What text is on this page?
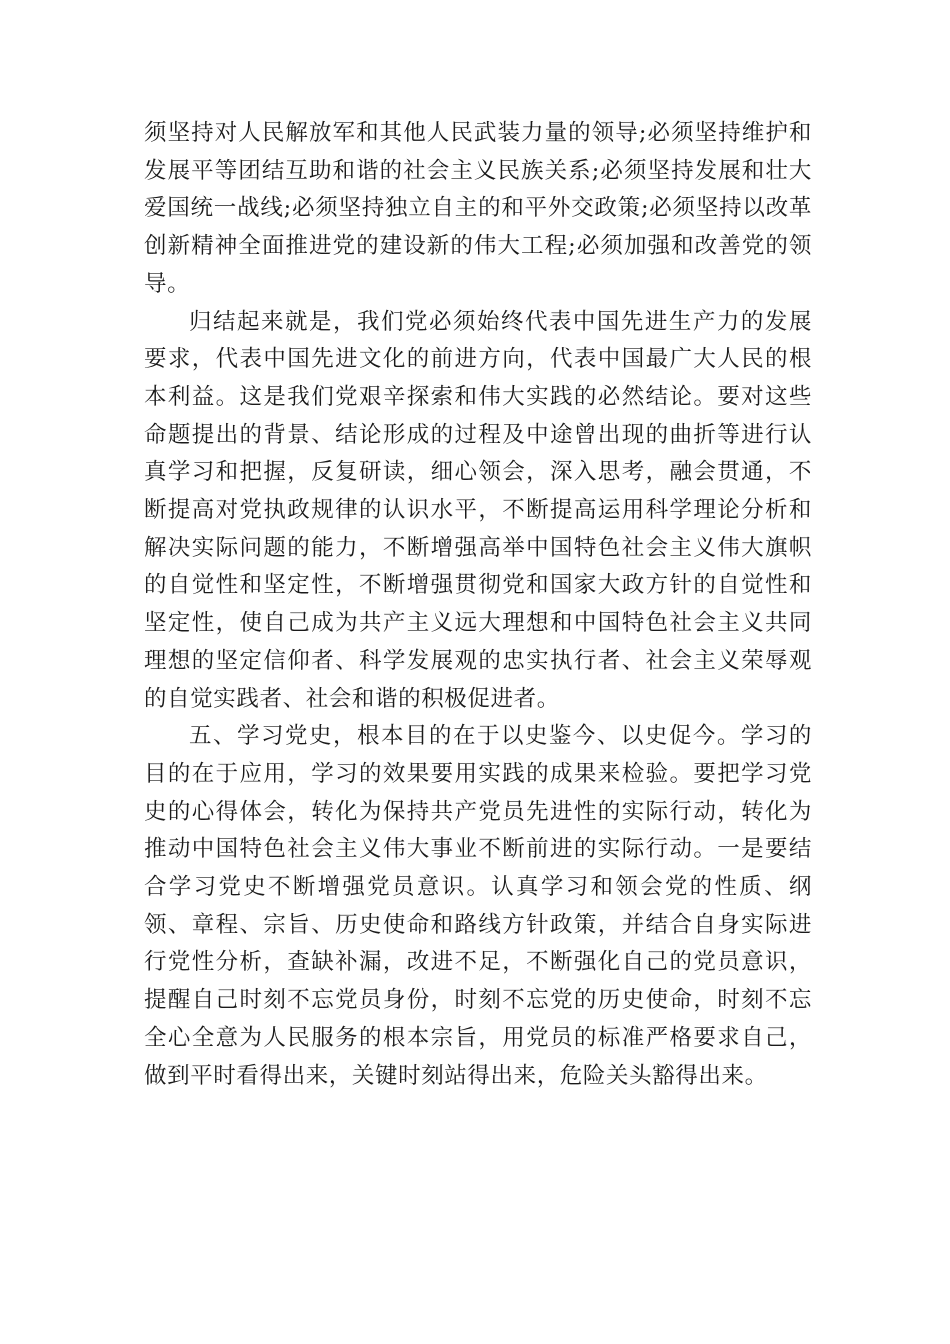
须坚持对人民解放军和其他人民武装力量的领导;必须坚持维护和发展平等团结互助和谐的社会主义民族关系;必须坚持发展和壮大爱国统一战线;必须坚持独立自主的和平外交政策;必须坚持以改革创新精神全面推进党的建设新的伟大工程;必须加强和改善党的领导。

归结起来就是，我们党必须始终代表中国先进生产力的发展要求，代表中国先进文化的前进方向，代表中国最广大人民的根本利益。这是我们党艰辛探索和伟大实践的必然结论。要对这些命题提出的背景、结论形成的过程及中途曾出现的曲折等进行认真学习和把握，反复研读，细心领会，深入思考，融会贯通，不断提高对党执政规律的认识水平，不断提高运用科学理论分析和解决实际问题的能力，不断增强高举中国特色社会主义伟大旗帜的自觉性和坚定性，不断增强贯彻党和国家大政方针的自觉性和坚定性，使自己成为共产主义远大理想和中国特色社会主义共同理想的坚定信仰者、科学发展观的忠实执行者、社会主义荣辱观的自觉实践者、社会和谐的积极促进者。

五、学习党史，根本目的在于以史鉴今、以史促今。学习的目的在于应用，学习的效果要用实践的成果来检验。要把学习党史的心得体会，转化为保持共产党员先进性的实际行动，转化为推动中国特色社会主义伟大事业不断前进的实际行动。一是要结合学习党史不断增强党员意识。认真学习和领会党的性质、纲领、章程、宗旨、历史使命和路线方针政策，并结合自身实际进行党性分析，查缺补漏，改进不足，不断强化自己的党员意识，提醒自己时刻不忘党员身份，时刻不忘党的历史使命，时刻不忘全心全意为人民服务的根本宗旨，用党员的标准严格要求自己，做到平时看得出来，关键时刻站得出来，危险关头豁得出来。
